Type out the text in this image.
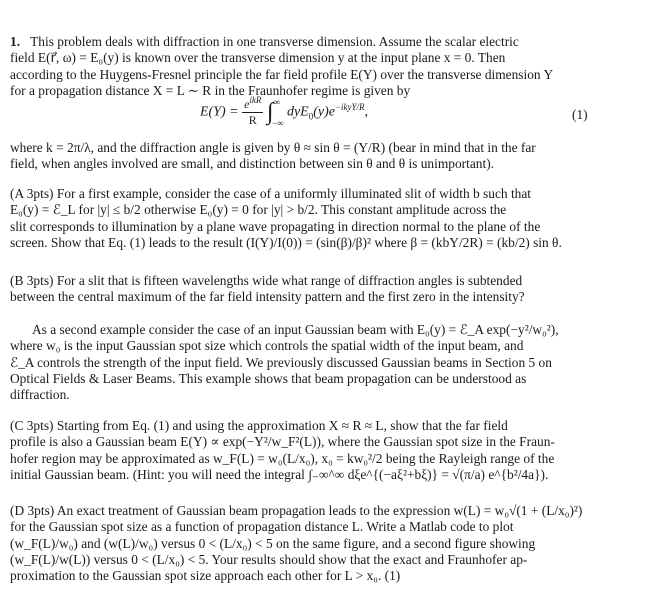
1. This problem deals with diffraction in one transverse dimension. Assume the scalar electric
field E(r⃗, ω) = E₀(y) is known over the transverse dimension y at the input plane x = 0. Then
according to the Huygens-Fresnel principle the far field profile E(Y) over the transverse dimension Y
for a propagation distance X = L ∼ R in the Fraunhofer regime is given by
$E(Y) = \frac{e^{ikR}}{R} \int^\infty-\infty$ $dyE_0(y)e^{-ikyY/R}$,	(1)
where k = 2π/λ, and the diffraction angle is given by θ ≈ sin θ = (Y/R) (bear in mind that in the far
field, when angles involved are small, and distinction between sin θ and θ is unimportant).
(A 3pts) For a first example, consider the case of a uniformly illuminated slit of width b such that
E₀(y) = ℰ_L for |y| ≤ b/2 otherwise E₀(y) = 0 for |y| > b/2. This constant amplitude across the
slit corresponds to illumination by a plane wave propagating in direction normal to the plane of the
screen. Show that Eq. (1) leads to the result (I(Y)/I(0)) = (sin(β)/β)² where β = (kbY/2R) = (kb/2) sin θ.
(B 3pts) For a slit that is fifteen wavelengths wide what range of diffraction angles is subtended
between the central maximum of the far field intensity pattern and the first zero in the intensity?
As a second example consider the case of an input Gaussian beam with E₀(y) = ℰ_A exp(−y²/w₀²),
where w₀ is the input Gaussian spot size which controls the spatial width of the input beam, and
ℰ_A controls the strength of the input field. We previously discussed Gaussian beams in Section 5 on
Optical Fields & Laser Beams. This example shows that beam propagation can be understood as
diffraction.
(C 3pts) Starting from Eq. (1) and using the approximation X ≈ R ≈ L, show that the far field
profile is also a Gaussian beam E(Y) ∝ exp(−Y²/w_F²(L)), where the Gaussian spot size in the Fraun-
hofer region may be approximated as w_F(L) = w₀(L/x₀), x₀ = kw₀²/2 being the Rayleigh range of the
initial Gaussian beam. (Hint: you will need the integral ∫₋∞^∞ dξe^{(−aξ²+bξ)} = √(π/a) e^{b²/4a}).
(D 3pts) An exact treatment of Gaussian beam propagation leads to the expression w(L) = w₀√(1 + (L/x₀)²)
for the Gaussian spot size as a function of propagation distance L. Write a Matlab code to plot
(w_F(L)/w₀) and (w(L)/w₀) versus 0 < (L/x₀) < 5 on the same figure, and a second figure showing
(w_F(L)/w(L)) versus 0 < (L/x₀) < 5. Your results should show that the exact and Fraunhofer ap-
proximation to the Gaussian spot size approach each other for L > x₀. (1)
